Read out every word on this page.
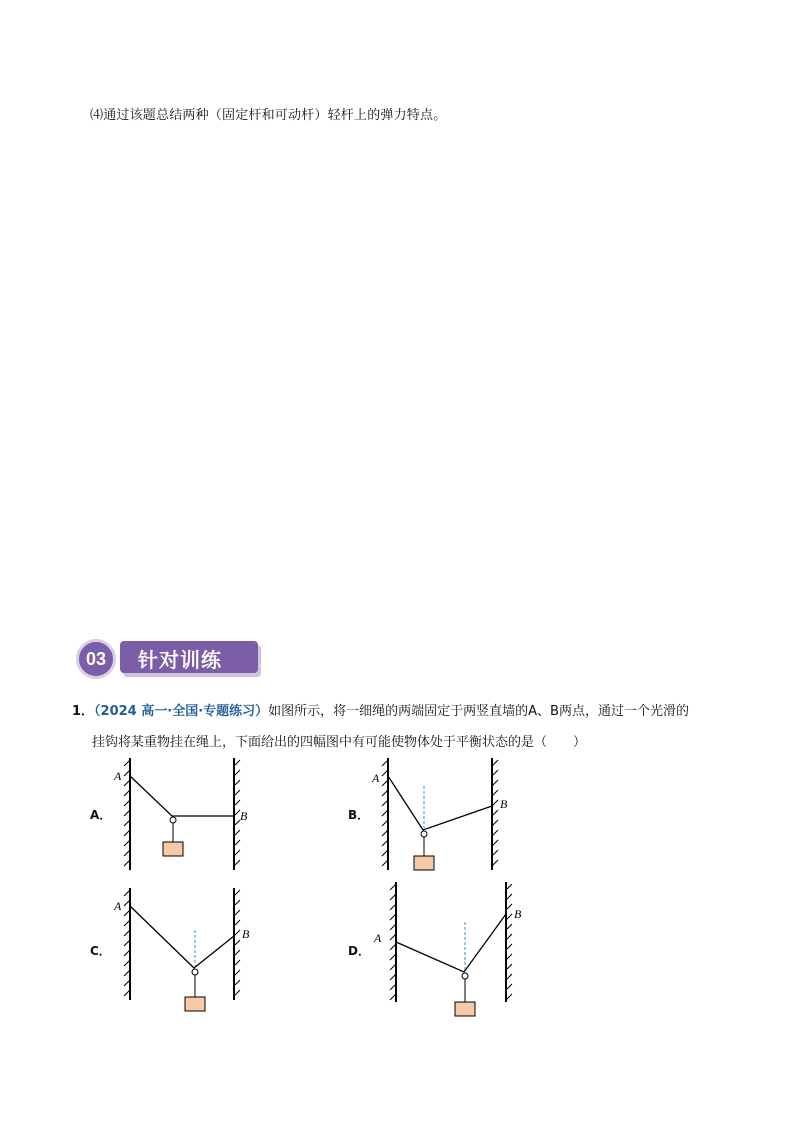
⑷通过该题总结两种（固定杆和可动杆）轻杆上的弹力特点。
03	针对训练
1．（2024 高一·全国·专题练习）如图所示，将一细绳的两端固定于两竖直墙的A、B两点，通过一个光滑的
挂钩将某重物挂在绳上，下面给出的四幅图中有可能使物体处于平衡状态的是（　　）
A．	B．
C．	D．
A
B
A
B
A
B	A
B
